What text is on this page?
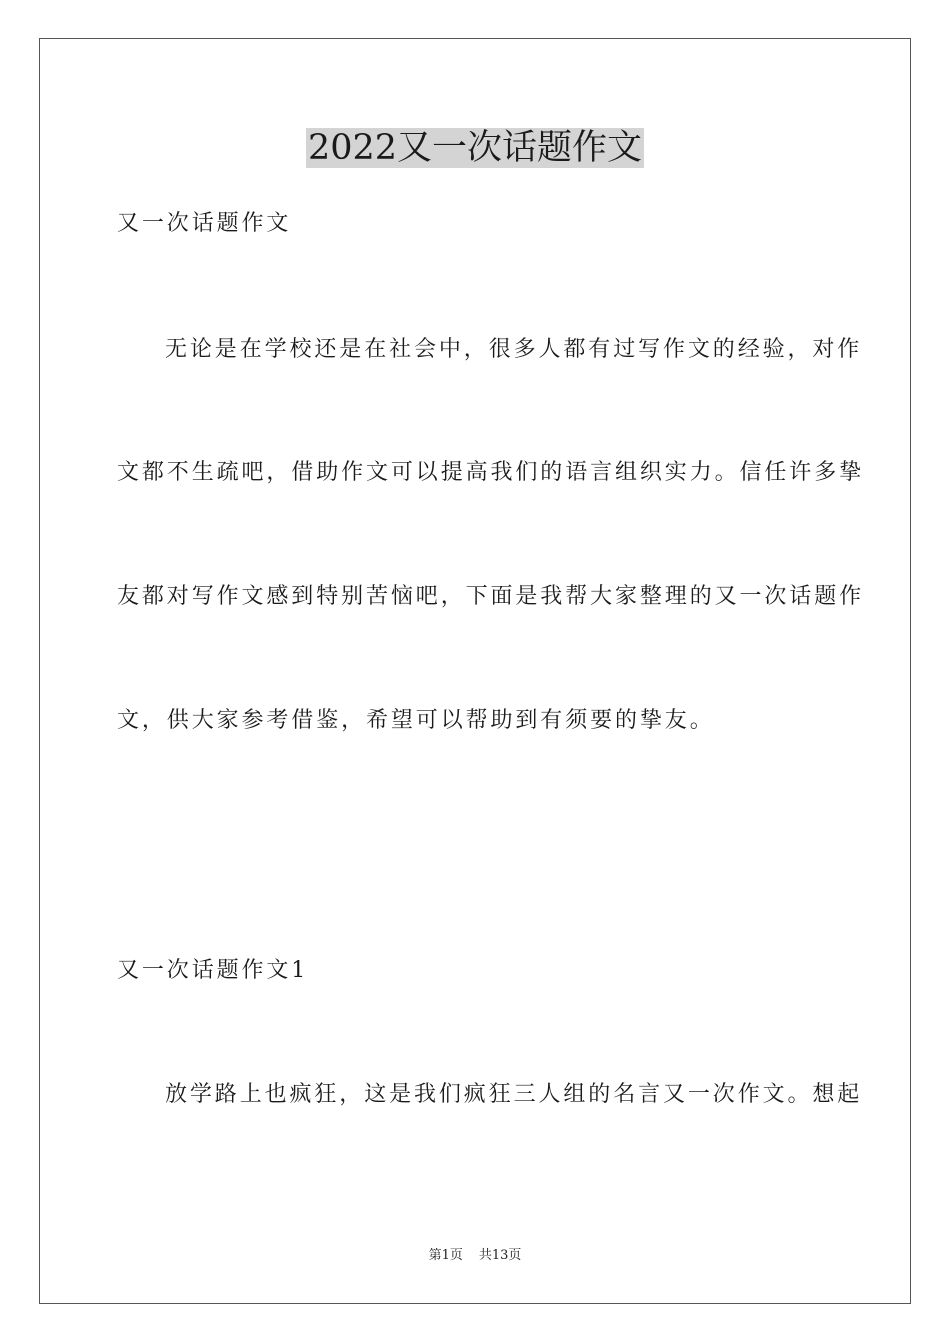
2022又一次话题作文

又一次话题作文

无论是在学校还是在社会中，很多人都有过写作文的经验，对作

文都不生疏吧，借助作文可以提高我们的语言组织实力。信任许多挚

友都对写作文感到特别苦恼吧，下面是我帮大家整理的又一次话题作

文，供大家参考借鉴，希望可以帮助到有须要的挚友。

又一次话题作文1

放学路上也疯狂，这是我们疯狂三人组的名言又一次作文。想起

第1页 共13页
